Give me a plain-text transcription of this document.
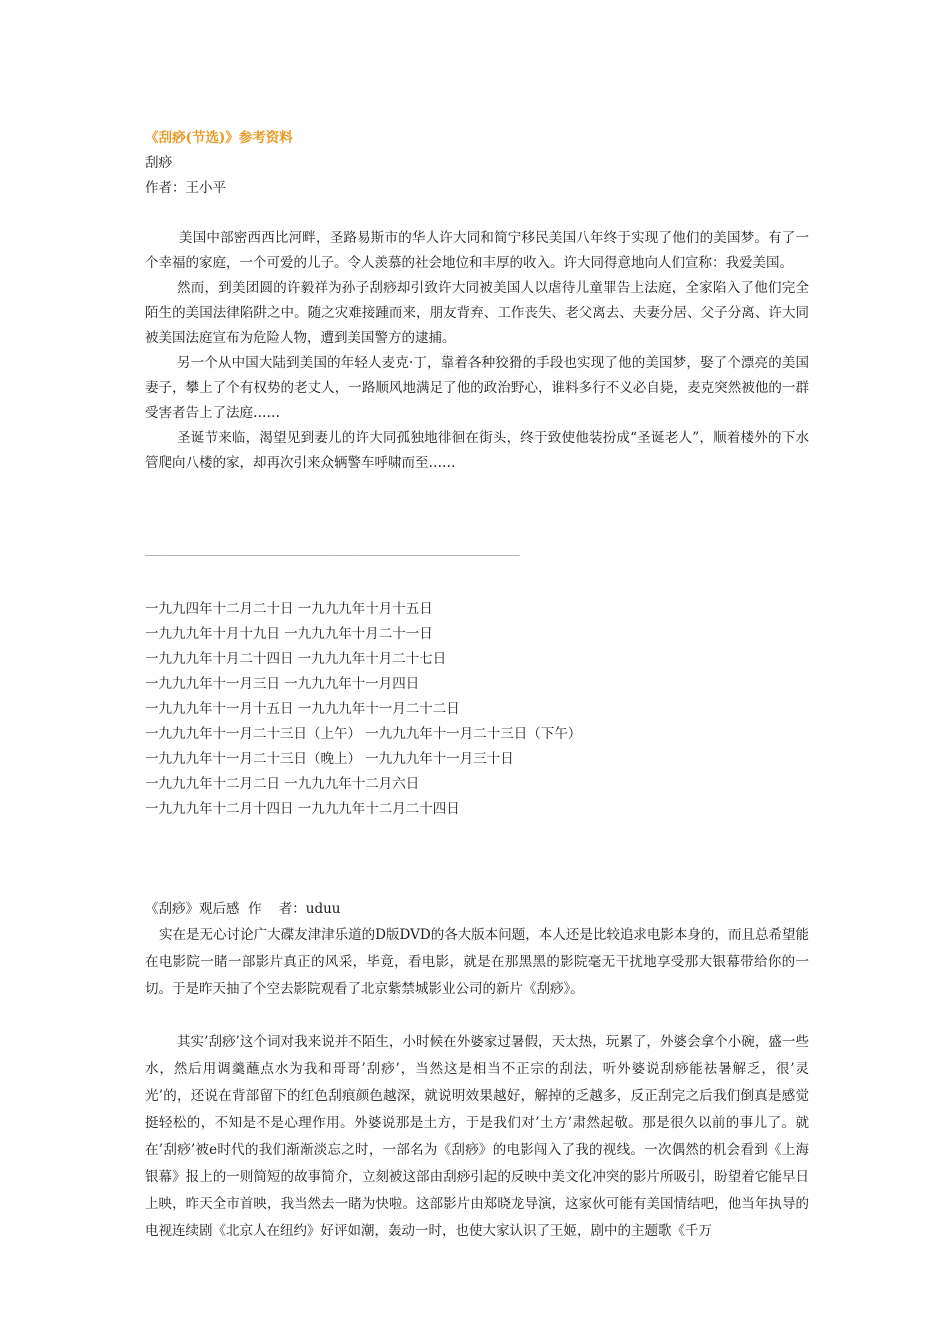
《刮痧(节选)》参考资料
刮痧
作者：王小平

美国中部密西西比河畔，圣路易斯市的华人许大同和简宁移民美国八年终于实现了他们的美国梦。有了一个幸福的家庭，一个可爱的儿子。令人羡慕的社会地位和丰厚的收入。许大同得意地向人们宣称：我爱美国。

然而，到美团圆的许毅祥为孙子刮痧却引致许大同被美国人以虐待儿童罪告上法庭，全家陷入了他们完全陌生的美国法律陷阱之中。随之灾难接踵而来，朋友背弃、工作丧失、老父离去、夫妻分居、父子分离、许大同被美国法庭宣布为危险人物，遭到美国警方的逮捕。

另一个从中国大陆到美国的年轻人麦克·丁，靠着各种狡猾的手段也实现了他的美国梦，娶了个漂亮的美国妻子，攀上了个有权势的老丈人，一路顺风地满足了他的政治野心，谁料多行不义必自毙，麦克突然被他的一群受害者告上了法庭……

圣诞节来临，渴望见到妻儿的许大同孤独地徘徊在街头，终于致使他装扮成“圣诞老人”，顺着楼外的下水管爬向八楼的家，却再次引来众辆警车呼啸而至……

________________________________________________________________________________
一九九四年十二月二十日 一九九九年十月十五日
一九九九年十月十九日 一九九九年十月二十一日
一九九九年十月二十四日 一九九九年十月二十七日
一九九九年十一月三日 一九九九年十一月四日
一九九九年十一月十五日 一九九九年十一月二十二日
一九九九年十一月二十三日（上午） 一九九九年十一月二十三日（下午）
一九九九年十一月二十三日（晚上） 一九九九年十一月三十日
一九九九年十二月二日 一九九九年十二月六日
一九九九年十二月十四日 一九九九年十二月二十四日
《刮痧》观后感  作    者：uduu

实在是无心讨论广大碟友津津乐道的D版DVD的各大版本问题，本人还是比较追求电影本身的，而且总希望能在电影院一睹一部影片真正的风采，毕竟，看电影，就是在那黑黑的影院毫无干扰地享受那大银幕带给你的一切。于是昨天抽了个空去影院观看了北京紫禁城影业公司的新片《刮痧》。

其实’刮痧’这个词对我来说并不陌生，小时候在外婆家过暑假，天太热，玩累了，外婆会拿个小碗，盛一些水，然后用调羹蘸点水为我和哥哥’刮痧’，当然这是相当不正宗的刮法，听外婆说刮痧能祛暑解乏，很’灵光’的，还说在背部留下的红色刮痕颜色越深，就说明效果越好，解掉的乏越多，反正刮完之后我们倒真是感觉挺轻松的，不知是不是心理作用。外婆说那是土方，于是我们对’土方’肃然起敬。那是很久以前的事儿了。就在’刮痧’被e时代的我们渐渐淡忘之时，一部名为《刮痧》的电影闯入了我的视线。一次偶然的机会看到《上海银幕》报上的一则简短的故事简介，立刻被这部由刮痧引起的反映中美文化冲突的影片所吸引，盼望着它能早日上映，昨天全市首映，我当然去一睹为快啦。这部影片由郑晓龙导演，这家伙可能有美国情结吧，他当年执导的电视连续剧《北京人在纽约》好评如潮，轰动一时，也使大家认识了王姬，剧中的主题歌《千万
